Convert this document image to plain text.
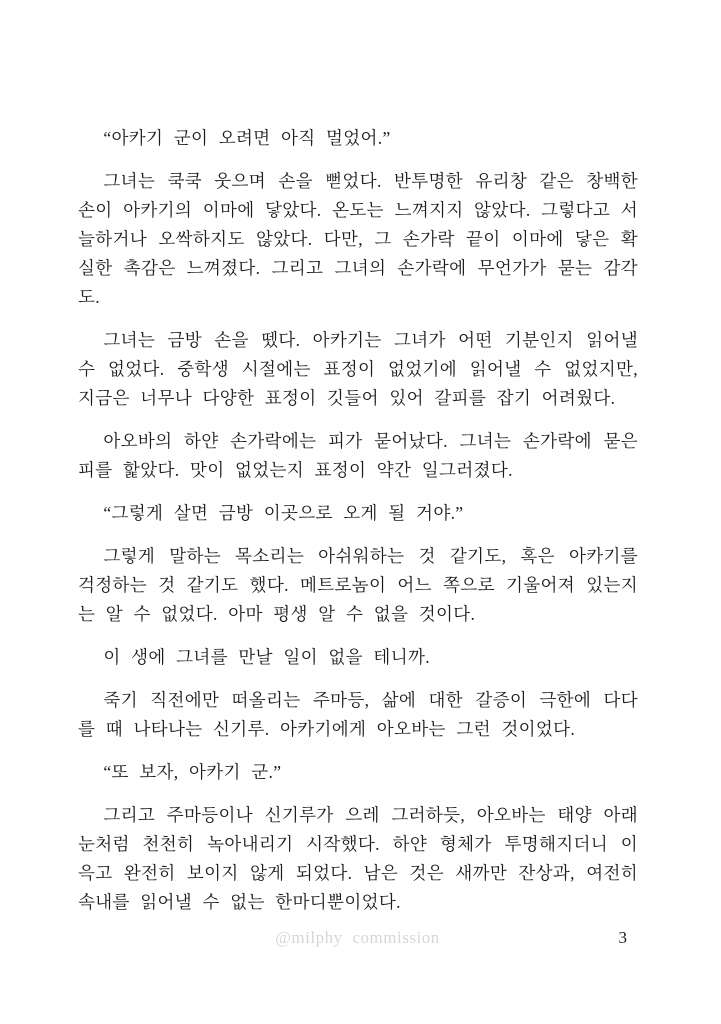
“아카기 군이 오려면 아직 멀었어.”

그녀는 쿡쿡 웃으며 손을 뻗었다. 반투명한 유리창 같은 창백한 손이 아카기의 이마에 닿았다. 온도는 느껴지지 않았다. 그렇다고 서늘하거나 오싹하지도 않았다. 다만, 그 손가락 끝이 이마에 닿은 확실한 촉감은 느껴졌다. 그리고 그녀의 손가락에 무언가가 묻는 감각도.

그녀는 금방 손을 뗐다. 아카기는 그녀가 어떤 기분인지 읽어낼 수 없었다. 중학생 시절에는 표정이 없었기에 읽어낼 수 없었지만, 지금은 너무나 다양한 표정이 깃들어 있어 갈피를 잡기 어려웠다.

아오바의 하얀 손가락에는 피가 묻어났다. 그녀는 손가락에 묻은 피를 핥았다. 맛이 없었는지 표정이 약간 일그러졌다.

“그렇게 살면 금방 이곳으로 오게 될 거야.”

그렇게 말하는 목소리는 아쉬워하는 것 같기도, 혹은 아카기를 걱정하는 것 같기도 했다. 메트로놈이 어느 쪽으로 기울어져 있는지는 알 수 없었다. 아마 평생 알 수 없을 것이다.

이 생에 그녀를 만날 일이 없을 테니까.

죽기 직전에만 떠올리는 주마등, 삶에 대한 갈증이 극한에 다다를 때 나타나는 신기루. 아카기에게 아오바는 그런 것이었다.

“또 보자, 아카기 군.”

그리고 주마등이나 신기루가 으레 그러하듯, 아오바는 태양 아래 눈처럼 천천히 녹아내리기 시작했다. 하얀 형체가 투명해지더니 이윽고 완전히 보이지 않게 되었다. 남은 것은 새까만 잔상과, 여전히 속내를 읽어낼 수 없는 한마디뿐이었다.

@milphy commission	3
